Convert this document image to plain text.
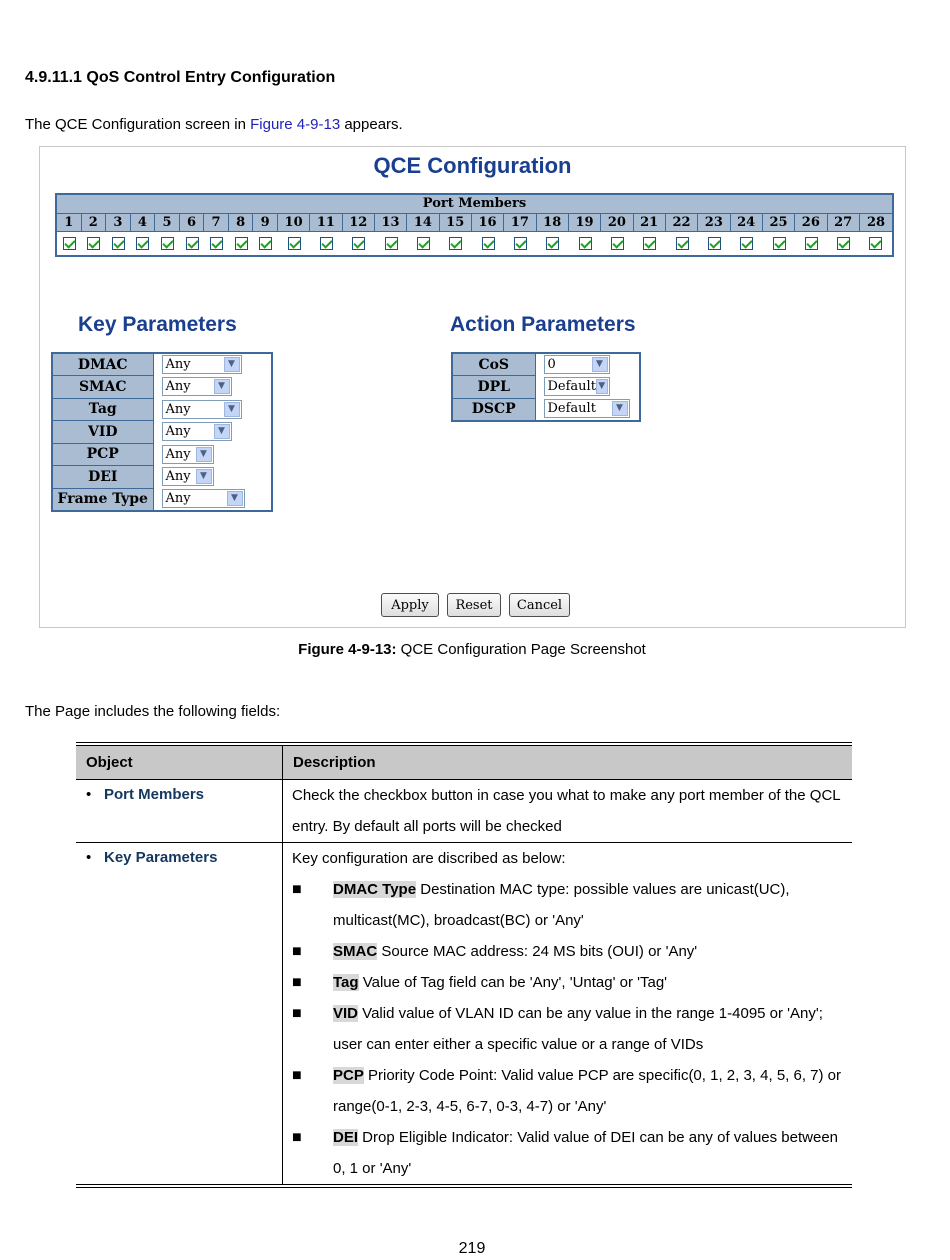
4.9.11.1 QoS Control Entry Configuration
The QCE Configuration screen in Figure 4-9-13 appears.
QCE Configuration
Port Members
1	2	3	4	5	6	7	8	9	10	11	12	13	14	15	16	17	18	19	20	21	22	23	24	25	26	27	28
Key Parameters	Action Parameters
DMAC	Any ▼

SMAC	Any ▼

Tag	Any ▼

VID	Any ▼

PCP	Any ▼

DEI	Any ▼

Frame Type	Any ▼
CoS	0 ▼

DPL	Default ▼

DSCP	Default ▼
Apply	Reset	Cancel
Figure 4-9-13: QCE Configuration Page Screenshot
The Page includes the following fields:
Object	Description
• Port Members	Check the checkbox button in case you what to make any port member of the QCL entry. By default all ports will be checked
• Key Parameters	Key configuration are discribed as below:
■	DMAC Type Destination MAC type: possible values are unicast(UC), multicast(MC), broadcast(BC) or 'Any'
■	SMAC Source MAC address: 24 MS bits (OUI) or 'Any'
■	Tag Value of Tag field can be 'Any', 'Untag' or 'Tag'
■	VID Valid value of VLAN ID can be any value in the range 1-4095 or 'Any'; user can enter either a specific value or a range of VIDs
■	PCP Priority Code Point: Valid value PCP are specific(0, 1, 2, 3, 4, 5, 6, 7) or range(0-1, 2-3, 4-5, 6-7, 0-3, 4-7) or 'Any'
■	DEI Drop Eligible Indicator: Valid value of DEI can be any of values between 0, 1 or 'Any'
219
